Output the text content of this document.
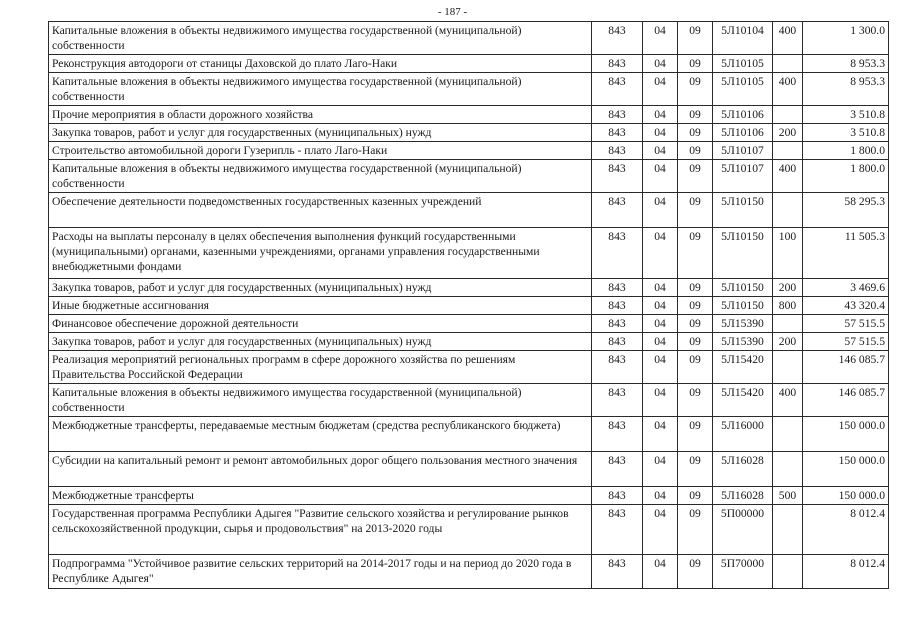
- 187 -
Капитальные вложения в объекты недвижимого имущества государственной (муниципальной) собственности	843	04	09	5Л10104	400	1 300.0
Реконструкция автодороги от станицы Даховской до плато Лаго-Наки	843	04	09	5Л10105		8 953.3
Капитальные вложения в объекты недвижимого имущества государственной (муниципальной) собственности	843	04	09	5Л10105	400	8 953.3
Прочие мероприятия в области дорожного хозяйства	843	04	09	5Л10106		3 510.8
Закупка товаров, работ и услуг для государственных (муниципальных) нужд	843	04	09	5Л10106	200	3 510.8
Строительство автомобильной дороги Гузерипль - плато Лаго-Наки	843	04	09	5Л10107		1 800.0
Капитальные вложения в объекты недвижимого имущества государственной (муниципальной) собственности	843	04	09	5Л10107	400	1 800.0
Обеспечение деятельности подведомственных государственных казенных учреждений	843	04	09	5Л10150		58 295.3
Расходы на выплаты персоналу в целях обеспечения выполнения функций государственными (муниципальными) органами, казенными учреждениями, органами управления государственными внебюджетными фондами	843	04	09	5Л10150	100	11 505.3
Закупка товаров, работ и услуг для государственных (муниципальных) нужд	843	04	09	5Л10150	200	3 469.6
Иные бюджетные ассигнования	843	04	09	5Л10150	800	43 320.4
Финансовое обеспечение дорожной деятельности	843	04	09	5Л15390		57 515.5
Закупка товаров, работ и услуг для государственных (муниципальных) нужд	843	04	09	5Л15390	200	57 515.5
Реализация мероприятий региональных программ в сфере дорожного хозяйства по решениям Правительства Российской Федерации	843	04	09	5Л15420		146 085.7
Капитальные вложения в объекты недвижимого имущества государственной (муниципальной) собственности	843	04	09	5Л15420	400	146 085.7
Межбюджетные трансферты, передаваемые местным бюджетам (средства республиканского бюджета)	843	04	09	5Л16000		150 000.0
Субсидии на капитальный ремонт и ремонт автомобильных дорог общего пользования местного значения	843	04	09	5Л16028		150 000.0
Межбюджетные трансферты	843	04	09	5Л16028	500	150 000.0
Государственная программа Республики Адыгея "Развитие сельского хозяйства и регулирование рынков сельскохозяйственной продукции, сырья и продовольствия" на 2013-2020 годы	843	04	09	5П00000		8 012.4
Подпрограмма "Устойчивое развитие сельских территорий на 2014-2017 годы и на период до 2020 года в Республике Адыгея"	843	04	09	5П70000		8 012.4
